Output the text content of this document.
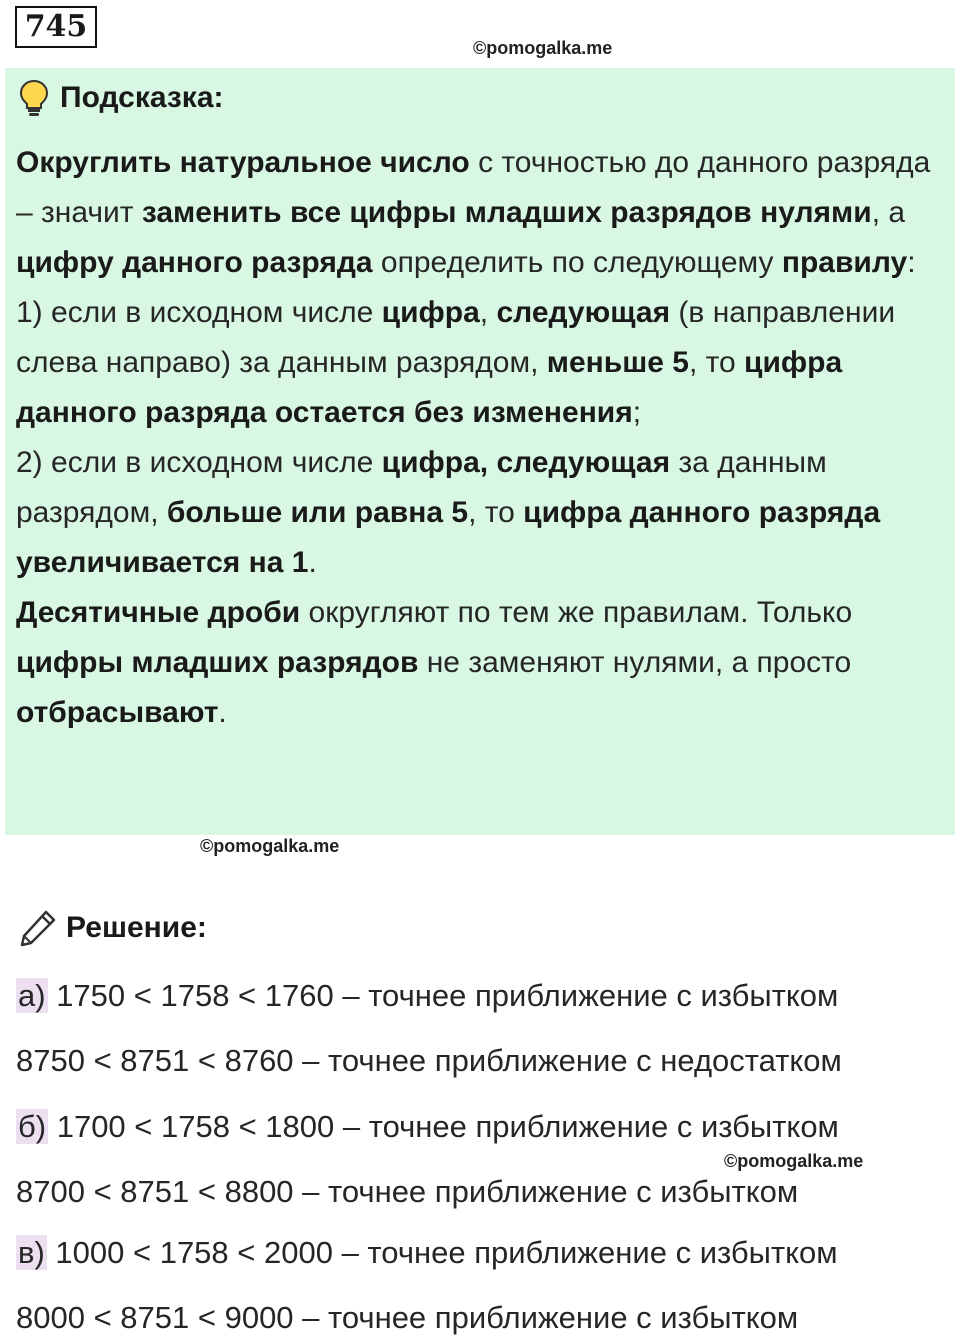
745
©pomogalka.me
Подсказка:

Округлить натуральное число с точностью до данного разряда – значит заменить все цифры младших разрядов нулями, а цифру данного разряда определить по следующему правилу:

1) если в исходном числе цифра, следующая (в направлении слева направо) за данным разрядом, меньше 5, то цифра данного разряда остается без изменения;

2) если в исходном числе цифра, следующая за данным разрядом, больше или равна 5, то цифра данного разряда увеличивается на 1.

Десятичные дроби округляют по тем же правилам. Только цифры младших разрядов не заменяют нулями, а просто отбрасывают.

©pomogalka.me
Решение:
а) 1750 < 1758 < 1760 – точнее приближение с избытком
8750 < 8751 < 8760 – точнее приближение с недостатком
б) 1700 < 1758 < 1800 – точнее приближение с избытком
©pomogalka.me
8700 < 8751 < 8800 – точнее приближение с избытком
в) 1000 < 1758 < 2000 – точнее приближение с избытком
8000 < 8751 < 9000 – точнее приближение с избытком
